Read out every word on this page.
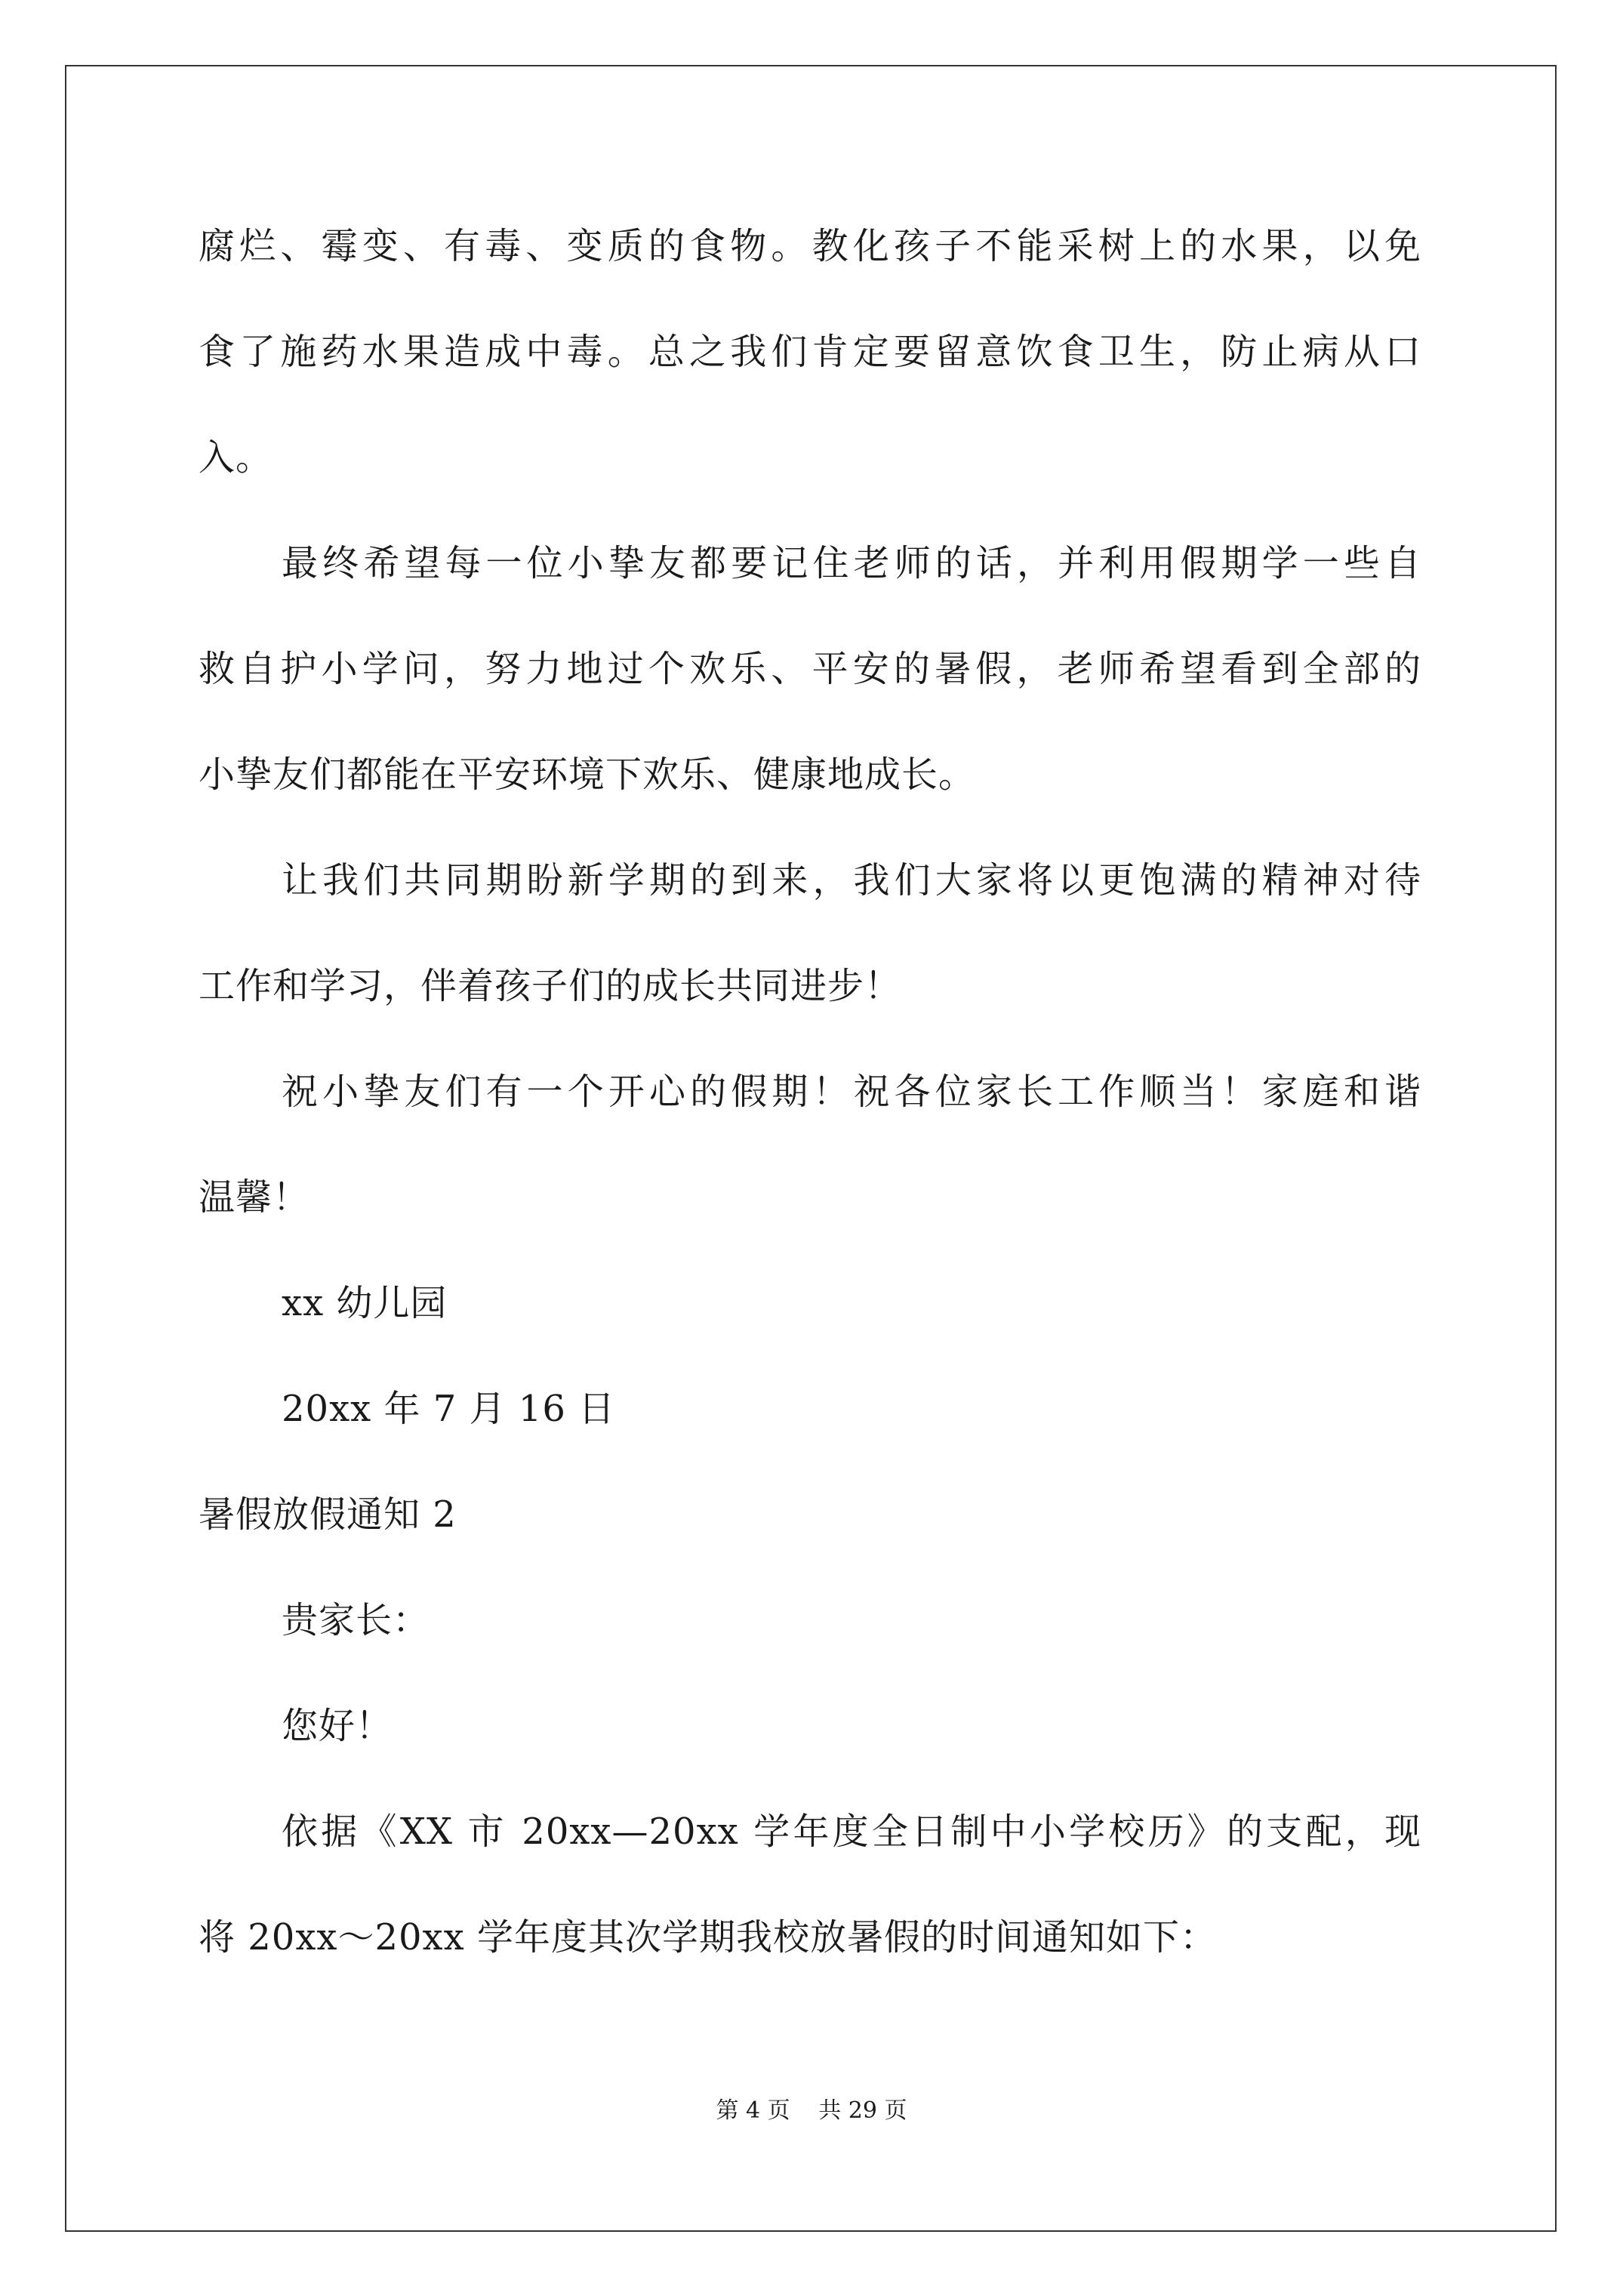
腐烂、霉变、有毒、变质的食物。教化孩子不能采树上的水果，以免
食了施药水果造成中毒。总之我们肯定要留意饮食卫生，防止病从口
入。
最终希望每一位小挚友都要记住老师的话，并利用假期学一些自
救自护小学问，努力地过个欢乐、平安的暑假，老师希望看到全部的
小挚友们都能在平安环境下欢乐、健康地成长。
让我们共同期盼新学期的到来，我们大家将以更饱满的精神对待
工作和学习，伴着孩子们的成长共同进步！
祝小挚友们有一个开心的假期！祝各位家长工作顺当！家庭和谐
温馨！
xx 幼儿园
20xx 年 7 月 16 日
暑假放假通知 2
贵家长：
您好！
依据《XX 市 20xx—20xx 学年度全日制中小学校历》的支配，现
将 20xx～20xx 学年度其次学期我校放暑假的时间通知如下：
第 4 页 共 29 页
